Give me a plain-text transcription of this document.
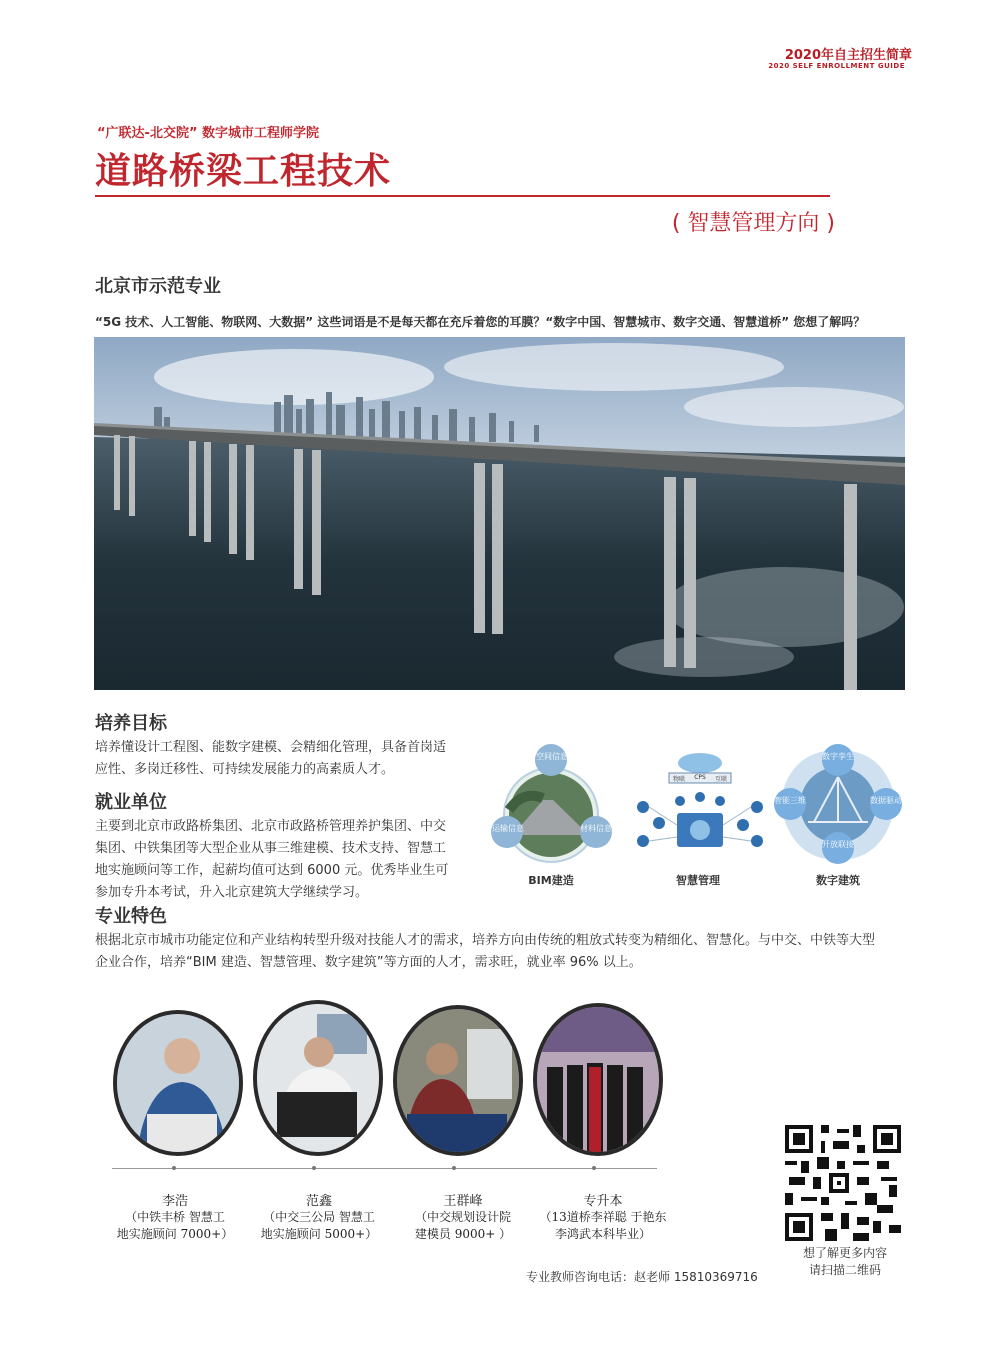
2020年自主招生简章
2020 SELF ENROLLMENT GUIDE
“广联达-北交院” 数字城市工程师学院
道路桥梁工程技术
( 智慧管理方向 )
北京市示范专业
“5G 技术、人工智能、物联网、大数据” 这些词语是不是每天都在充斥着您的耳膜？“数字中国、智慧城市、数字交通、智慧道桥” 您想了解吗？
培养目标
培养懂设计工程图、能数字建模、会精细化管理，具备首岗适
应性、多岗迁移性、可持续发展能力的高素质人才。
就业单位
主要到北京市政路桥集团、北京市政路桥管理养护集团、中交
集团、中铁集团等大型企业从事三维建模、技术支持、智慧工
地实施顾问等工作，起薪均值可达到 6000 元。优秀毕业生可
参加专升本考试，升入北京建筑大学继续学习。
空间信息
运输信息	材料信息
BIM建造
物联	CPS	互联
智慧管理
数字孪生
智能三维	数据驱动
开放联接
数字建筑
专业特色
根据北京市城市功能定位和产业结构转型升级对技能人才的需求，培养方向由传统的粗放式转变为精细化、智慧化。与中交、中铁等大型
企业合作，培养“BIM 建造、智慧管理、数字建筑”等方面的人才，需求旺，就业率 96% 以上。
李浩
（中铁丰桥 智慧工
地实施顾问 7000+）
范鑫
（中交三公局 智慧工
地实施顾问 5000+）
王群峰
（中交规划设计院
建模员 9000+ ）
专升本
（13道桥李祥聪 于艳东
李鸿武本科毕业）
想了解更多内容
请扫描二维码
专业教师咨询电话：赵老师 15810369716
